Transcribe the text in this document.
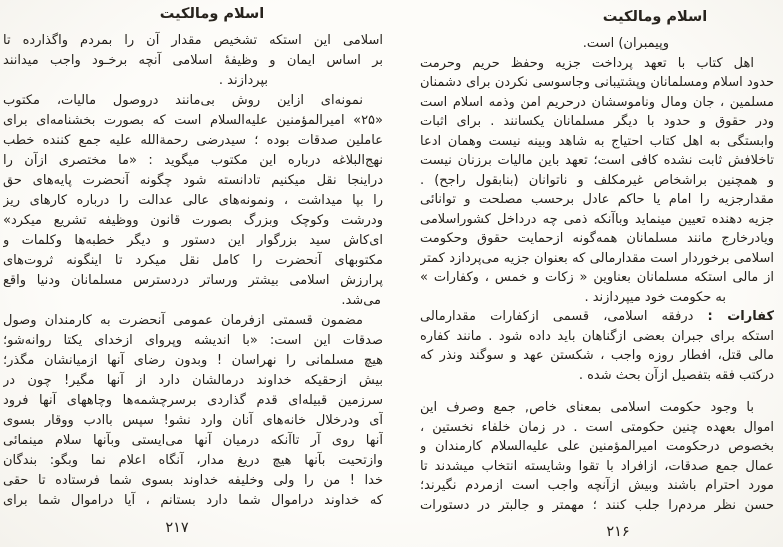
اسلام ومالکیت
اسلامی این استکه تشخیص مقدار آن را بمردم واگذارده تا
بر اساس ایمان و وظیفهٔ اسلامی آنچه برخـود واجب میدانند
بپردازند .
نمونه‌ای ازاین روش بی‌مانند دروصول مالیات، مکتوب
«۲۵» امیرالمؤمنین علیه‌السلام است که بصورت بخشنامه‌ای برای
عاملین صدقات بوده ؛ سیدرضی رحمةالله علیه جمع کننده خطب
نهج‌البلاغه درباره این مکتوب میگوید : «ما مختصری ازآن را
دراینجا نقل میکنیم تادانسته شود چگونه آنحضرت پایه‌های حق
را بپا میداشت ، ونمونه‌های عالی عدالت را درباره کارهای ریز
ودرشت وکوچک وبزرگ بصورت قانون ووظیفه تشریع میکرد»
ای‌کاش سید بزرگوار این دستور و دیگر خطبه‌ها وکلمات و
مکتوبهای آنحضرت را کامل نقل میکرد تا اینگونه ثروت‌های
پرارزش اسلامی بیشتر ورساتر دردسترس مسلمانان ودنیا واقع
می‌شد.
مضمون قسمتی ازفرمان عمومی آنحضرت به کارمندان وصول
صدقات این است: «با اندیشه وپروای ازخدای یکتا روانه‌شو؛
هیچ مسلمانی را نهراسان ! وبدون رضای آنها ازمیانشان مگذر؛
بیش ازحقیکه خداوند درمالشان دارد از آنها مگیر! چون در
سرزمین قبیله‌ای قدم گذاردی برسرچشمه‌ها وچاههای آنها فرود
آی ودرخلال خانه‌های آنان وارد نشو! سپس باادب ووقار بسوی
آنها روی آر تاآنکه درمیان آنها می‌ایستی وبآنها سلام مینمائی
وازتحیت بآنها هیچ دریغ مدار، آنگاه اعلام نما وبگو: بندگان
خدا ! من را ولی وخلیفه خداوند بسوی شما فرستاده تا حقی
که خداوند دراموال شما دارد بستانم ، آیا دراموال شما برای
۲۱۷
اسلام ومالکیت
وپیمبران) است.
اهل کتاب با تعهد پرداخت جزیه وحفظ حریم وحرمت
حدود اسلام ومسلمانان وپشتیبانی وجاسوسی نکردن برای دشمنان
مسلمین ، جان ومال وناموسشان درحریم امن وذمه اسلام است
ودر حقوق و حدود با دیگر مسلمانان یکسانند . برای اثبات
وابستگی به اهل کتاب احتیاج به شاهد وبینه نیست وهمان ادعا
تاخلافش ثابت نشده کافی است؛ تعهد باین مالیات برزنان نیست
و همچنین براشخاص غیرمکلف و ناتوانان (بنابقول راجح) .
مقدارجزیه را امام یا حاکم عادل برحسب مصلحت و توانائی
جزیه دهنده تعیین مینماید وباآنکه ذمی چه درداخل کشوراسلامی
ویادرخارج مانند مسلمانان همه‌گونه ازحمایت حقوق وحکومت
اسلامی برخوردار است مقدارمالی که بعنوان جزیه می‌پردازد کمتر
از مالی استکه مسلمانان بعناوین « زکات و خمس ، وکفارات »
به حکومت خود میپردازند .
کفارات : درفقه اسلامی، قسمی ازکفارات مقدارمالی
استکه برای جبران بعضی ازگناهان باید داده شود . مانند کفاره
مالی قتل، افطار روزه واجب ، شکستن عهد و سوگند ونذر که
درکتب فقه بتفصیل ازآن بحث شده .
با وجود حکومت اسلامی بمعنای خاص, جمع وصرف این
اموال بعهده چنین حکومتی است . در زمان خلفاء نخستین ،
بخصوص درحکومت امیرالمؤمنین علی علیه‌السلام کارمندان و
عمال جمع صدقات، ازافراد با تقوا وشایسته انتخاب میشدند تا
مورد احترام باشند وبیش ازآنچه واجب است ازمردم نگیرند؛
حسن نظر مردم‌را جلب کنند ؛ مهمتر و جالبتر در دستورات
۲۱۶
